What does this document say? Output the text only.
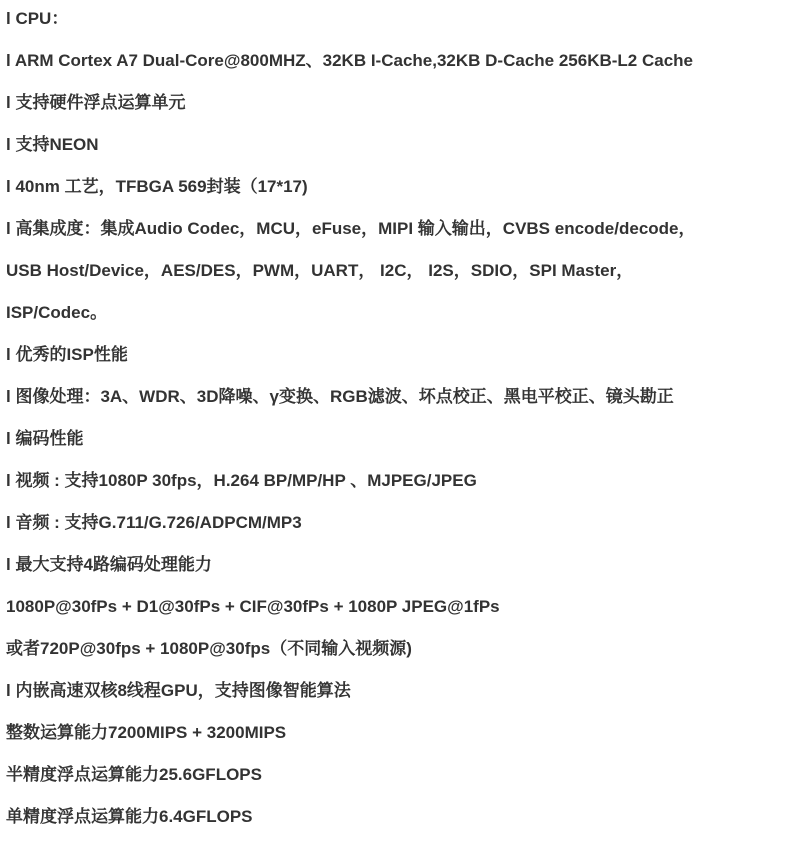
l CPU：
l ARM Cortex A7 Dual-Core@800MHZ、32KB I-Cache,32KB D-Cache 256KB-L2 Cache
l 支持硬件浮点运算单元
l 支持NEON
l 40nm 工艺，TFBGA 569封装（17*17)
l 高集成度：集成Audio Codec，MCU，eFuse，MIPI 输入输出，CVBS encode/decode，
USB Host/Device，AES/DES，PWM，UART， I2C， I2S，SDIO，SPI Master，
ISP/Codec。
l 优秀的ISP性能
l 图像处理：3A、WDR、3D降噪、γ变换、RGB滤波、坏点校正、黑电平校正、镜头勘正
l 编码性能
l 视频 : 支持1080P 30fps，H.264 BP/MP/HP 、MJPEG/JPEG
l 音频 : 支持G.711/G.726/ADPCM/MP3
l 最大支持4路编码处理能力
1080P@30fPs + D1@30fPs + CIF@30fPs + 1080P JPEG@1fPs
或者720P@30fps + 1080P@30fps（不同输入视频源)
l 内嵌高速双核8线程GPU，支持图像智能算法
整数运算能力7200MIPS + 3200MIPS
半精度浮点运算能力25.6GFLOPS
单精度浮点运算能力6.4GFLOPS
